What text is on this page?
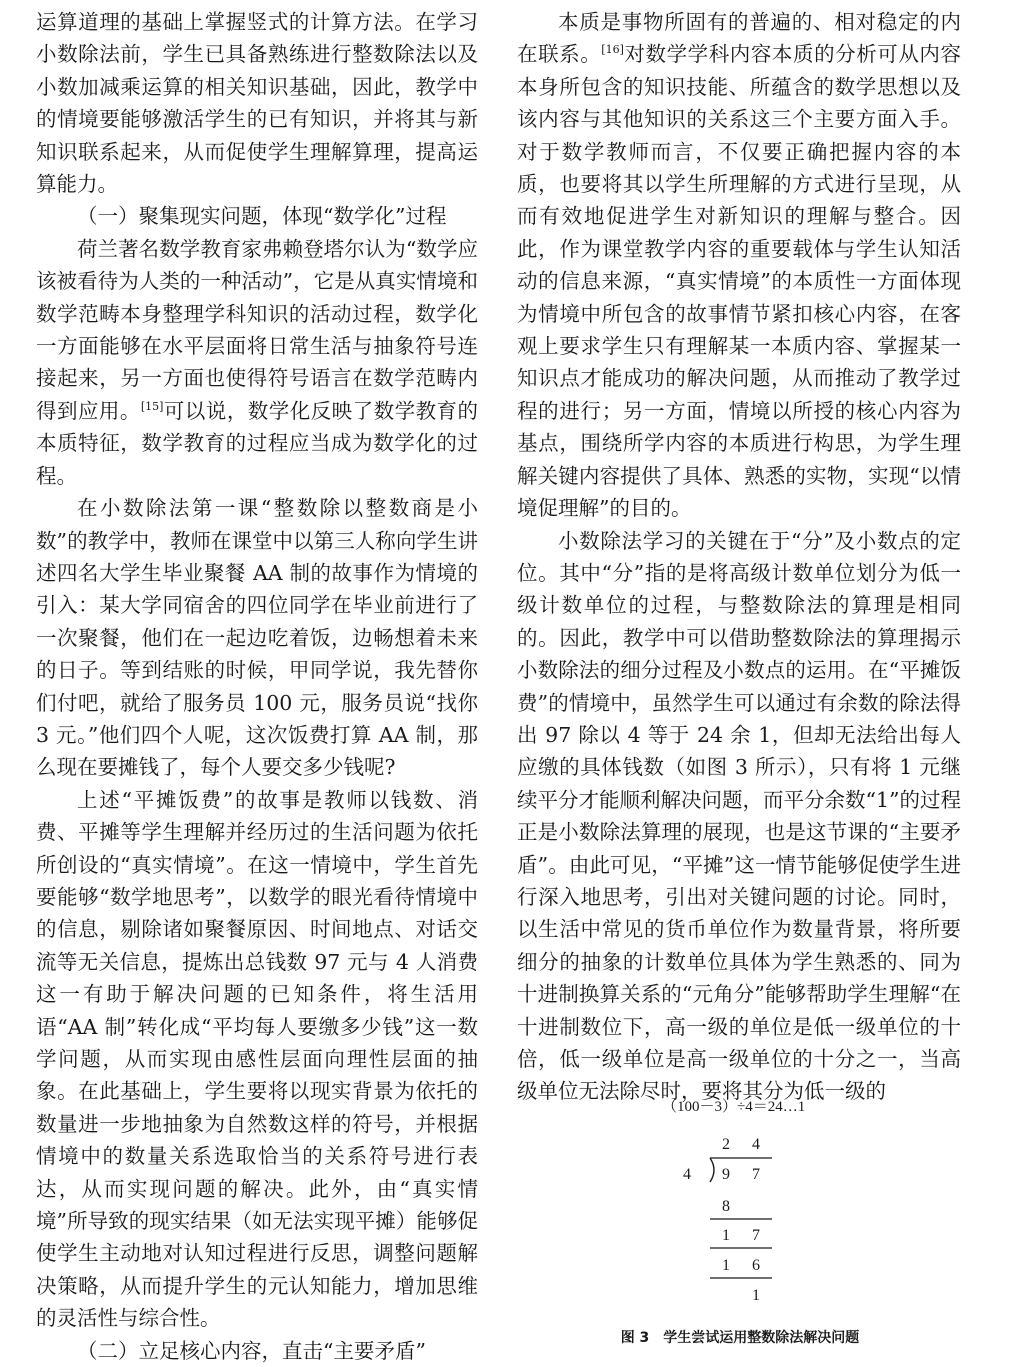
运算道理的基础上掌握竖式的计算方法。在学习小数除法前，学生已具备熟练进行整数除法以及小数加减乘运算的相关知识基础，因此，教学中的情境要能够激活学生的已有知识，并将其与新知识联系起来，从而促使学生理解算理，提高运算能力。

（一）聚集现实问题，体现“数学化”过程

荷兰著名数学教育家弗赖登塔尔认为“数学应该被看待为人类的一种活动”，它是从真实情境和数学范畴本身整理学科知识的活动过程，数学化一方面能够在水平层面将日常生活与抽象符号连接起来，另一方面也使得符号语言在数学范畴内得到应用。[15]可以说，数学化反映了数学教育的本质特征，数学教育的过程应当成为数学化的过程。

在小数除法第一课“整数除以整数商是小数”的教学中，教师在课堂中以第三人称向学生讲述四名大学生毕业聚餐 AA 制的故事作为情境的引入：某大学同宿舍的四位同学在毕业前进行了一次聚餐，他们在一起边吃着饭，边畅想着未来的日子。等到结账的时候，甲同学说，我先替你们付吧，就给了服务员 100 元，服务员说“找你 3 元。”他们四个人呢，这次饭费打算 AA 制，那么现在要摊钱了，每个人要交多少钱呢?

上述“平摊饭费”的故事是教师以钱数、消费、平摊等学生理解并经历过的生活问题为依托所创设的“真实情境”。在这一情境中，学生首先要能够“数学地思考”，以数学的眼光看待情境中的信息，剔除诸如聚餐原因、时间地点、对话交流等无关信息，提炼出总钱数 97 元与 4 人消费这一有助于解决问题的已知条件，将生活用语“AA 制”转化成“平均每人要缴多少钱”这一数学问题，从而实现由感性层面向理性层面的抽象。在此基础上，学生要将以现实背景为依托的数量进一步地抽象为自然数这样的符号，并根据情境中的数量关系选取恰当的关系符号进行表达，从而实现问题的解决。此外，由“真实情境”所导致的现实结果（如无法实现平摊）能够促使学生主动地对认知过程进行反思，调整问题解决策略，从而提升学生的元认知能力，增加思维的灵活性与综合性。

（二）立足核心内容，直击“主要矛盾”

本质是事物所固有的普遍的、相对稳定的内在联系。[16]对数学学科内容本质的分析可从内容本身所包含的知识技能、所蕴含的数学思想以及该内容与其他知识的关系这三个主要方面入手。对于数学教师而言，不仅要正确把握内容的本质，也要将其以学生所理解的方式进行呈现，从而有效地促进学生对新知识的理解与整合。因此，作为课堂教学内容的重要载体与学生认知活动的信息来源，“真实情境”的本质性一方面体现为情境中所包含的故事情节紧扣核心内容，在客观上要求学生只有理解某一本质内容、掌握某一知识点才能成功的解决问题，从而推动了教学过程的进行；另一方面，情境以所授的核心内容为基点，围绕所学内容的本质进行构思，为学生理解关键内容提供了具体、熟悉的实物，实现“以情境促理解”的目的。

小数除法学习的关键在于“分”及小数点的定位。其中“分”指的是将高级计数单位划分为低一级计数单位的过程，与整数除法的算理是相同的。因此，教学中可以借助整数除法的算理揭示小数除法的细分过程及小数点的运用。在“平摊饭费”的情境中，虽然学生可以通过有余数的除法得出 97 除以 4 等于 24 余 1，但却无法给出每人应缴的具体钱数（如图 3 所示），只有将 1 元继续平分才能顺利解决问题，而平分余数“1”的过程正是小数除法算理的展现，也是这节课的“主要矛盾”。由此可见，“平摊”这一情节能够促使学生进行深入地思考，引出对关键问题的讨论。同时，以生活中常见的货币单位作为数量背景，将所要细分的抽象的计数单位具体为学生熟悉的、同为十进制换算关系的“元角分”能够帮助学生理解“在十进制数位下，高一级的单位是低一级单位的十倍，低一级单位是高一级单位的十分之一，当高级单位无法除尽时，要将其分为低一级的

（100－3）÷4＝24…1
2 4
4 9 7
8
1 7
1 6
1
图 3　学生尝试运用整数除法解决问题
